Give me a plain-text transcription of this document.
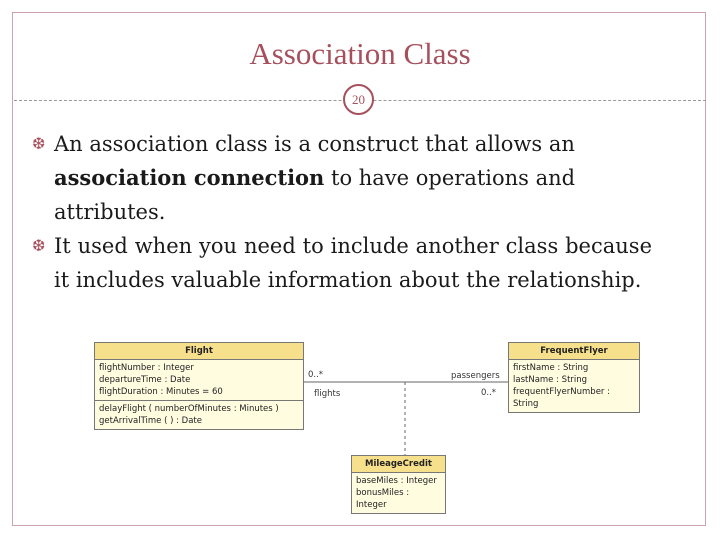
Association Class
20
❆ An association class is a construct that allows an association connection to have operations and attributes.
❆ It used when you need to include another class because it includes valuable information about the relationship.
Flight
flightNumber : Integer
departureTime : Date
flightDuration : Minutes = 60
delayFlight ( numberOfMinutes : Minutes )
getArrivalTime ( ) : Date
FrequentFlyer
firstName : String
lastName : String
frequentFlyerNumber : String
MileageCredit
baseMiles : Integer
bonusMiles : Integer
0..*
flights
passengers
0..*
